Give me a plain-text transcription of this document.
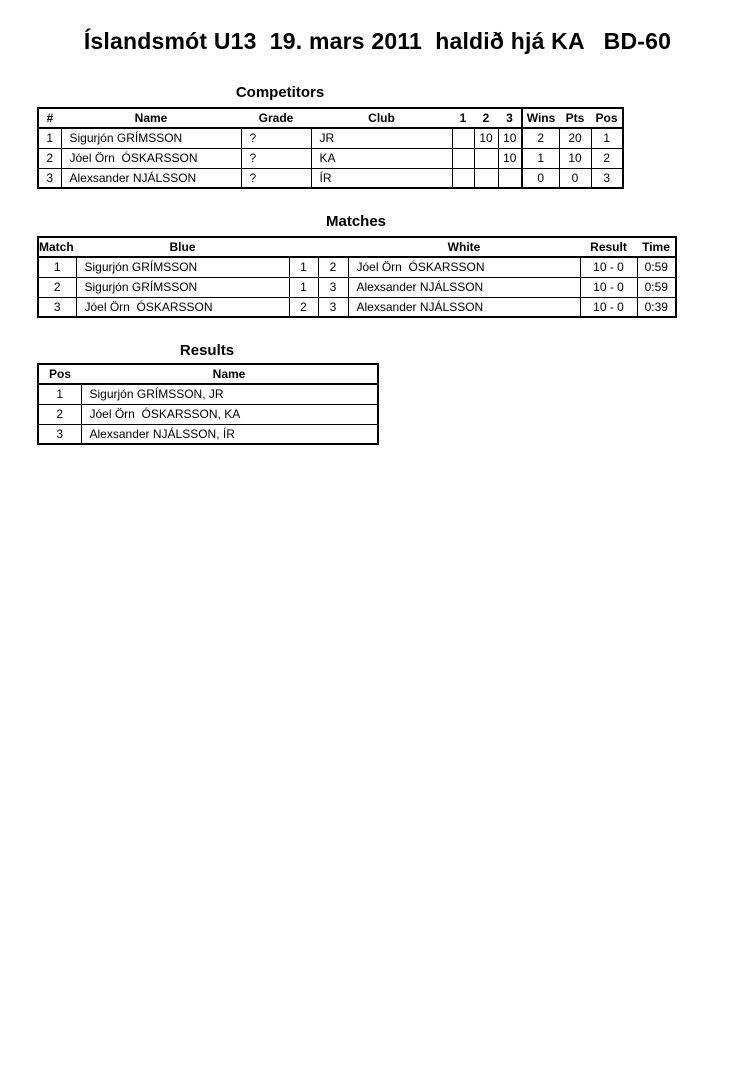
Íslandsmót U13  19. mars 2011  haldið hjá KA   BD-60
Competitors
#	Name	Grade	Club	1	2	3	Wins	Pts	Pos
1	Sigurjón GRÍMSSON	?	JR		10	10	2	20	1
2	Jóel Örn  ÓSKARSSON	?	KA			10	1	10	2
3	Alexsander NJÁLSSON	?	ÍR				0	0	3
Matches
Match	Blue			White	Result	Time
1	Sigurjón GRÍMSSON	1	2	Jóel Örn  ÓSKARSSON	10 - 0	0:59
2	Sigurjón GRÍMSSON	1	3	Alexsander NJÁLSSON	10 - 0	0:59
3	Jóel Örn  ÓSKARSSON	2	3	Alexsander NJÁLSSON	10 - 0	0:39
Results
Pos	Name
1	Sigurjón GRÍMSSON, JR
2	Jóel Örn  ÓSKARSSON, KA
3	Alexsander NJÁLSSON, ÍR
